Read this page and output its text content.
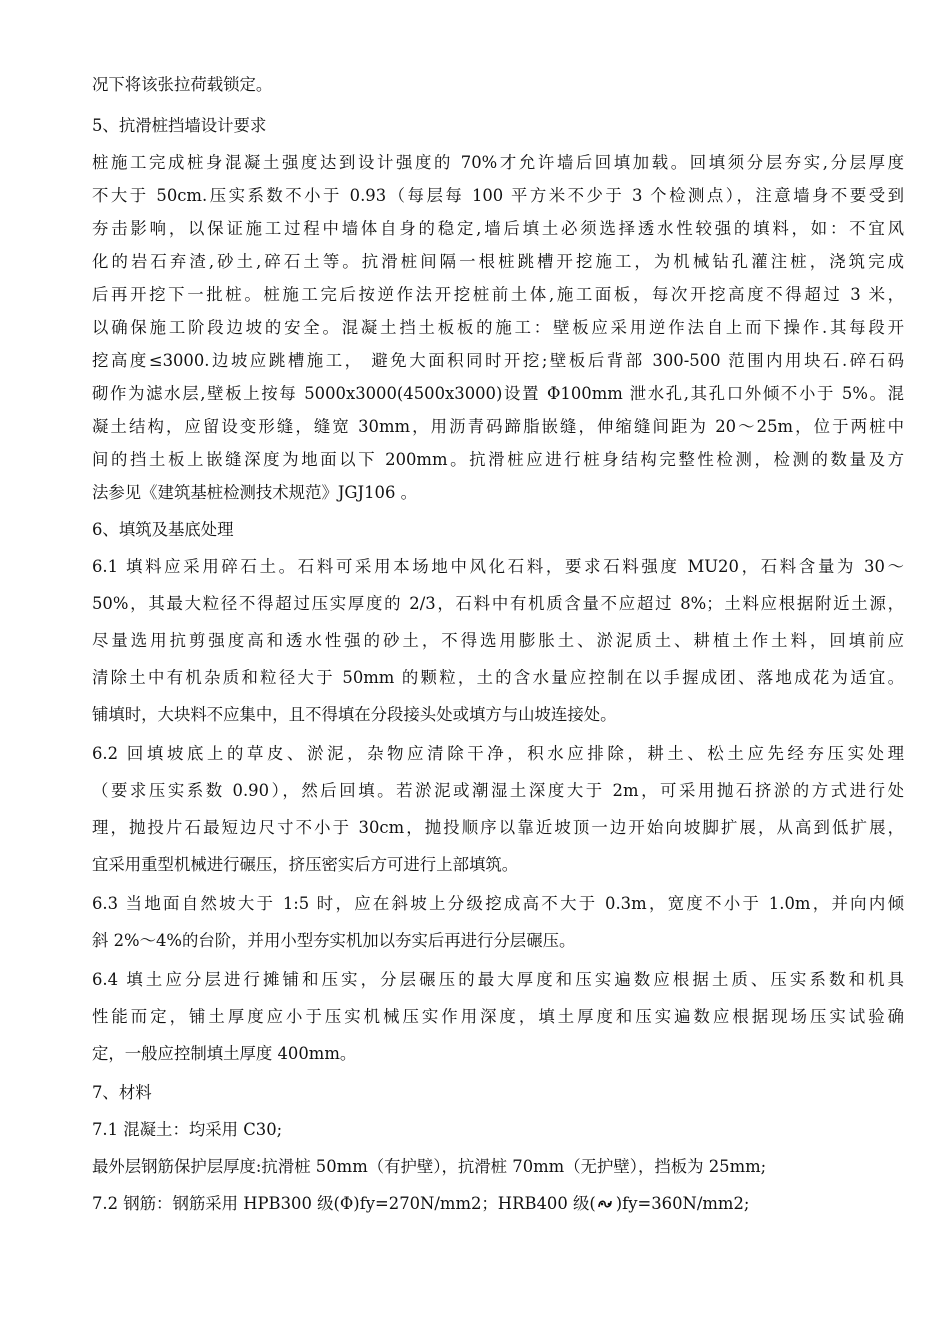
况下将该张拉荷载锁定。
5、抗滑桩挡墙设计要求
桩施工完成桩身混凝土强度达到设计强度的 70%才允许墙后回填加载。回填须分层夯实,分层厚度
不大于 50cm.压实系数不小于 0.93（每层每 100 平方米不少于 3 个检测点），注意墙身不要受到
夯击影响，以保证施工过程中墙体自身的稳定,墙后填土必须选择透水性较强的填料，如：不宜风
化的岩石弃渣,砂土,碎石土等。抗滑桩间隔一根桩跳槽开挖施工，为机械钻孔灌注桩，浇筑完成
后再开挖下一批桩。桩施工完后按逆作法开挖桩前土体,施工面板，每次开挖高度不得超过 3 米，
以确保施工阶段边坡的安全。混凝土挡土板板的施工：壁板应采用逆作法自上而下操作.其每段开
挖高度≤3000.边坡应跳槽施工， 避免大面积同时开挖;壁板后背部 300-500 范围内用块石.碎石码
砌作为滤水层,壁板上按每 5000x3000(4500x3000)设置 Φ100mm 泄水孔,其孔口外倾不小于 5%。混
凝土结构，应留设变形缝，缝宽 30mm，用沥青码蹄脂嵌缝，伸缩缝间距为 20～25m，位于两桩中
间的挡土板上嵌缝深度为地面以下 200mm。抗滑桩应进行桩身结构完整性检测，检测的数量及方
法参见《建筑基桩检测技术规范》JGJ106 。
6、填筑及基底处理
6.1 填料应采用碎石土。石料可采用本场地中风化石料，要求石料强度 MU20，石料含量为 30～
50%，其最大粒径不得超过压实厚度的 2/3，石料中有机质含量不应超过 8%；土料应根据附近土源，
尽量选用抗剪强度高和透水性强的砂土，不得选用膨胀土、淤泥质土、耕植土作土料，回填前应
清除土中有机杂质和粒径大于 50mm 的颗粒，土的含水量应控制在以手握成团、落地成花为适宜。
铺填时，大块料不应集中，且不得填在分段接头处或填方与山坡连接处。
6.2 回填坡底上的草皮、淤泥，杂物应清除干净，积水应排除，耕土、松土应先经夯压实处理
（要求压实系数 0.90），然后回填。若淤泥或潮湿土深度大于 2m，可采用抛石挤淤的方式进行处
理，抛投片石最短边尺寸不小于 30cm，抛投顺序以靠近坡顶一边开始向坡脚扩展，从高到低扩展，
宜采用重型机械进行碾压，挤压密实后方可进行上部填筑。
6.3 当地面自然坡大于 1:5 时，应在斜坡上分级挖成高不大于 0.3m，宽度不小于 1.0m，并向内倾
斜 2%～4%的台阶，并用小型夯实机加以夯实后再进行分层碾压。
6.4 填土应分层进行摊铺和压实，分层碾压的最大厚度和压实遍数应根据土质、压实系数和机具
性能而定，铺土厚度应小于压实机械压实作用深度，填土厚度和压实遍数应根据现场压实试验确
定，一般应控制填土厚度 400mm。
7、材料
7.1 混凝土：均采用 C30;
最外层钢筋保护层厚度:抗滑桩 50mm（有护壁），抗滑桩 70mm（无护壁），挡板为 25mm;
7.2 钢筋：钢筋采用 HPB300 级(Φ)fy=270N/mm2；HRB400 级( )fy=360N/mm2;
